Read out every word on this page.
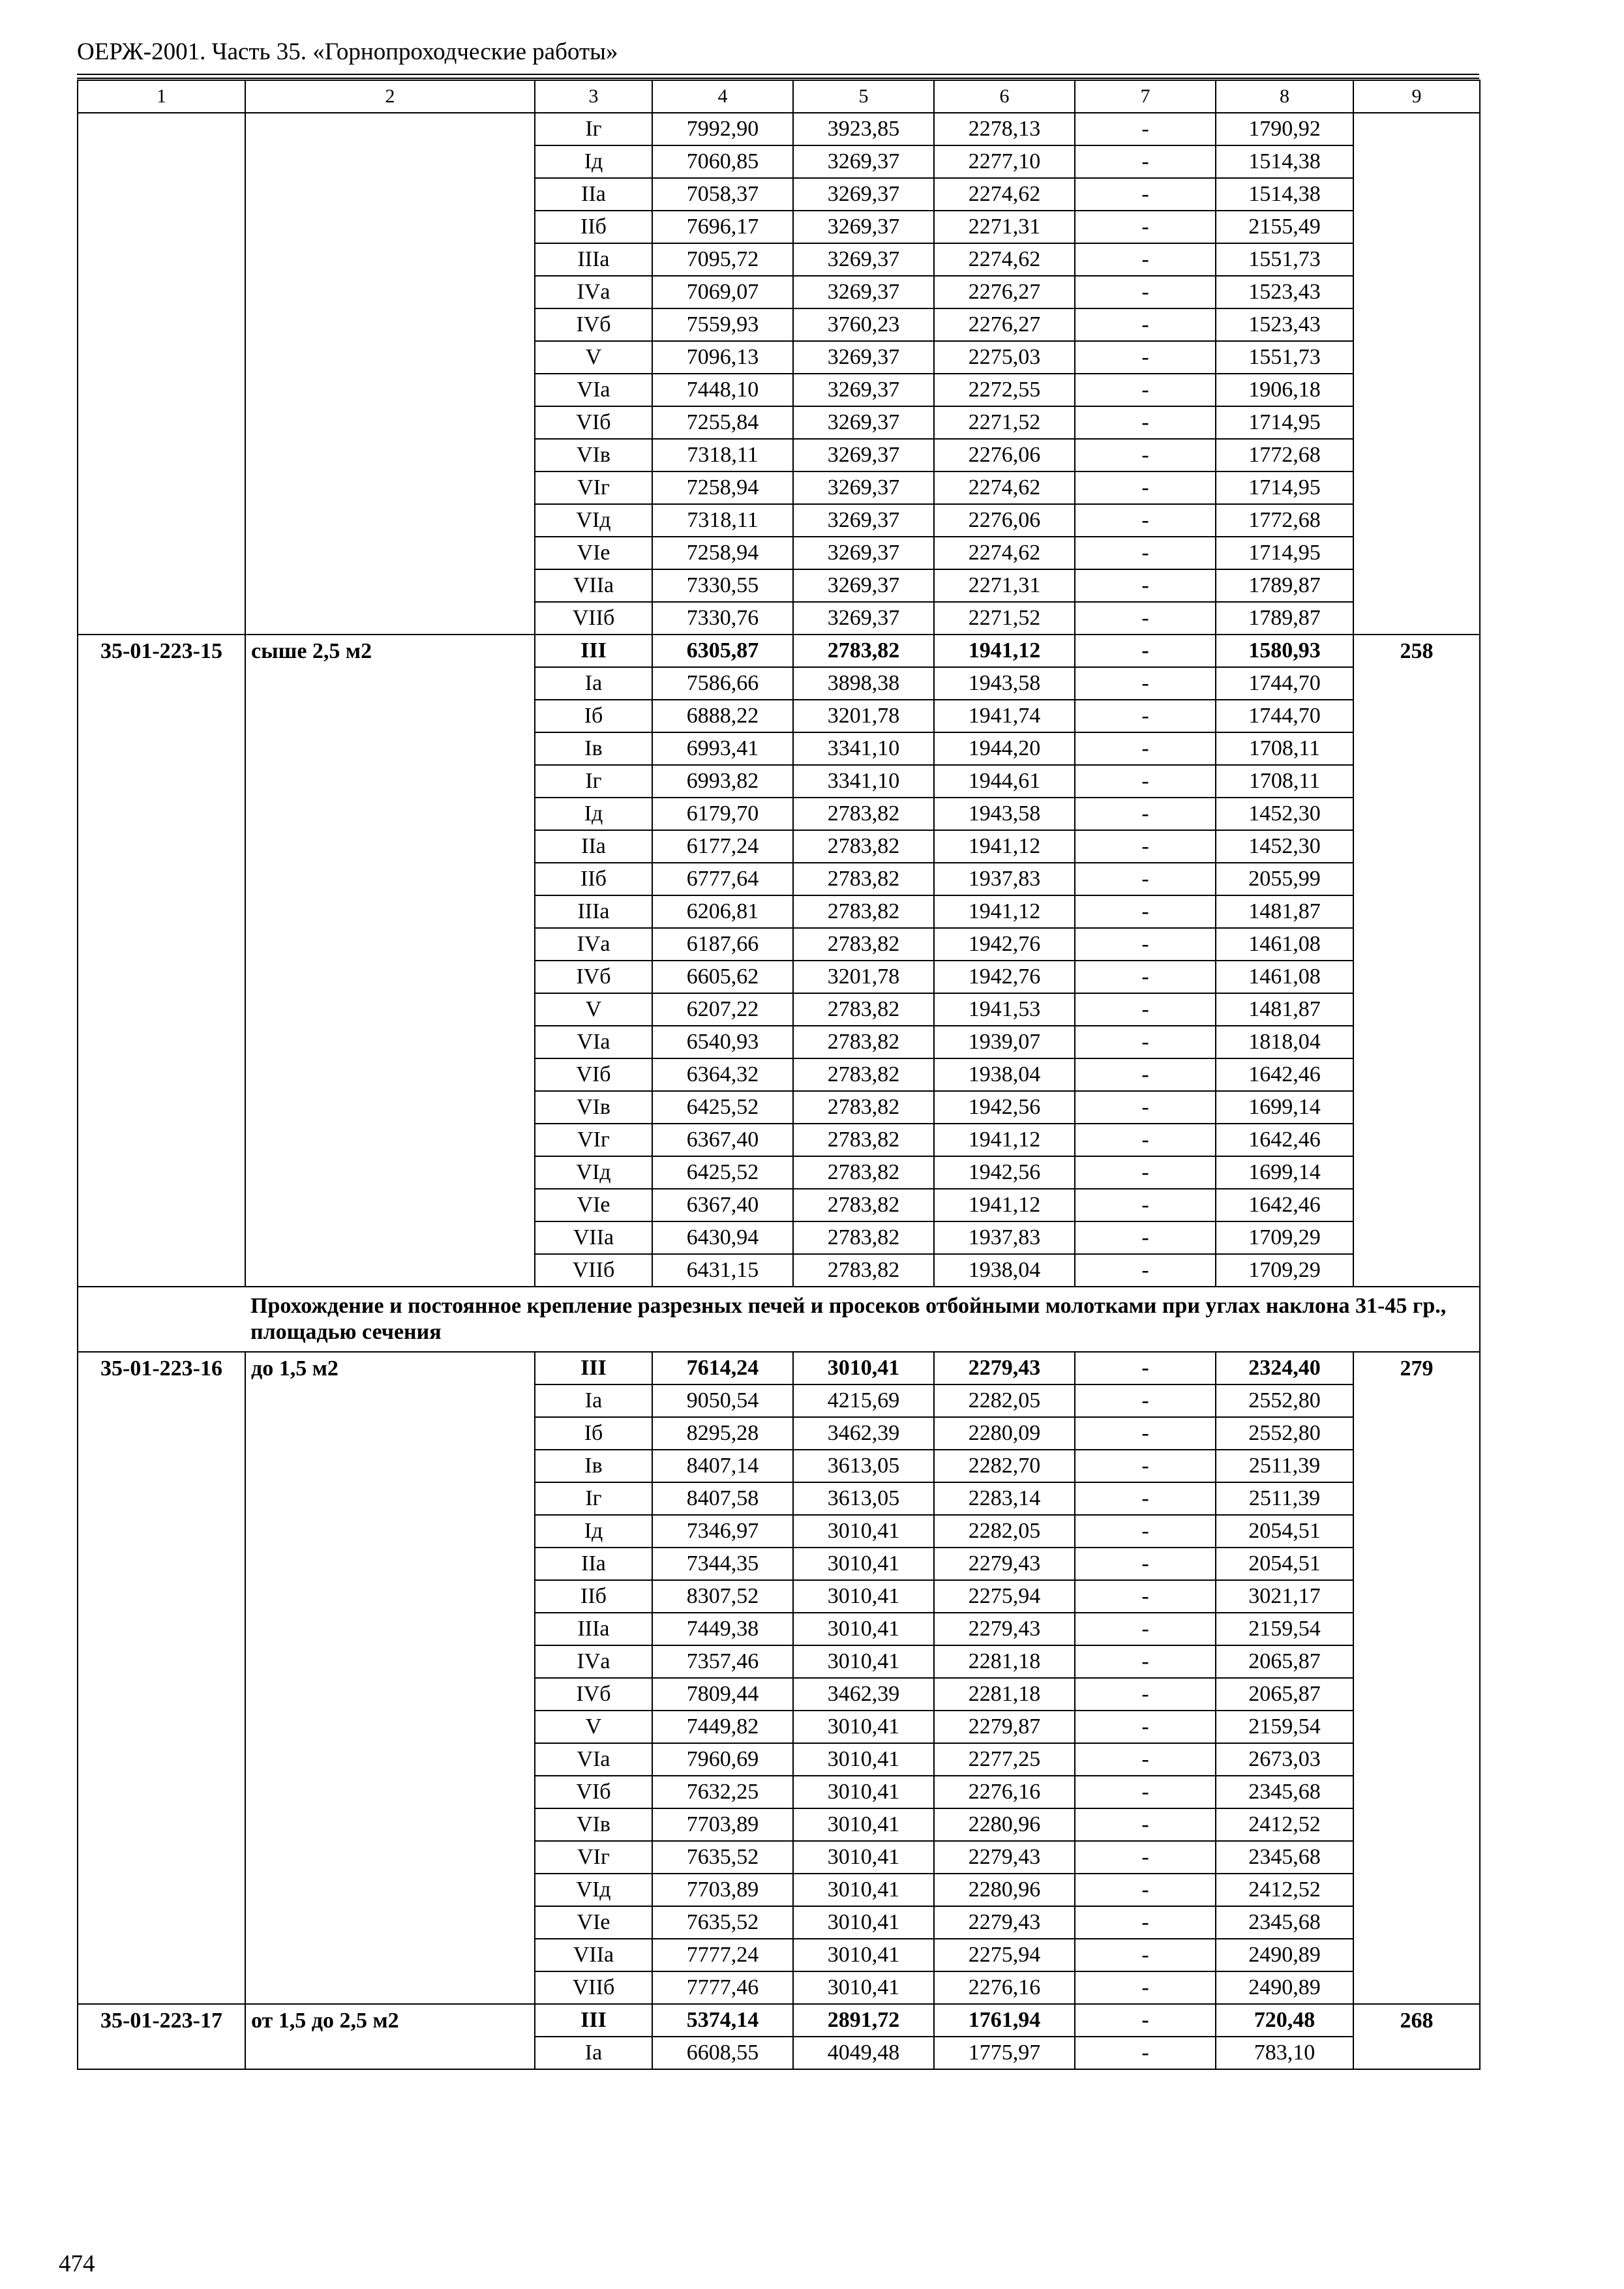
ОЕРЖ-2001. Часть 35. «Горнопроходческие работы»
1	2	3	4	5	6	7	8	9
		Iг	7992,90	3923,85	2278,13	-	1790,92	
		Iд	7060,85	3269,37	2277,10	-	1514,38	
		IIа	7058,37	3269,37	2274,62	-	1514,38	
		IIб	7696,17	3269,37	2271,31	-	2155,49	
		IIIа	7095,72	3269,37	2274,62	-	1551,73	
		IVа	7069,07	3269,37	2276,27	-	1523,43	
		IVб	7559,93	3760,23	2276,27	-	1523,43	
		V	7096,13	3269,37	2275,03	-	1551,73	
		VIа	7448,10	3269,37	2272,55	-	1906,18	
		VIб	7255,84	3269,37	2271,52	-	1714,95	
		VIв	7318,11	3269,37	2276,06	-	1772,68	
		VIг	7258,94	3269,37	2274,62	-	1714,95	
		VIд	7318,11	3269,37	2276,06	-	1772,68	
		VIе	7258,94	3269,37	2274,62	-	1714,95	
		VIIа	7330,55	3269,37	2271,31	-	1789,87	
		VIIб	7330,76	3269,37	2271,52	-	1789,87	
35-01-223-15	сыше 2,5 м2	III	6305,87	2783,82	1941,12	-	1580,93	258
		Iа	7586,66	3898,38	1943,58	-	1744,70	
		Iб	6888,22	3201,78	1941,74	-	1744,70	
		Iв	6993,41	3341,10	1944,20	-	1708,11	
		Iг	6993,82	3341,10	1944,61	-	1708,11	
		Iд	6179,70	2783,82	1943,58	-	1452,30	
		IIа	6177,24	2783,82	1941,12	-	1452,30	
		IIб	6777,64	2783,82	1937,83	-	2055,99	
		IIIа	6206,81	2783,82	1941,12	-	1481,87	
		IVа	6187,66	2783,82	1942,76	-	1461,08	
		IVб	6605,62	3201,78	1942,76	-	1461,08	
		V	6207,22	2783,82	1941,53	-	1481,87	
		VIа	6540,93	2783,82	1939,07	-	1818,04	
		VIб	6364,32	2783,82	1938,04	-	1642,46	
		VIв	6425,52	2783,82	1942,56	-	1699,14	
		VIг	6367,40	2783,82	1941,12	-	1642,46	
		VIд	6425,52	2783,82	1942,56	-	1699,14	
		VIе	6367,40	2783,82	1941,12	-	1642,46	
		VIIа	6430,94	2783,82	1937,83	-	1709,29	
		VIIб	6431,15	2783,82	1938,04	-	1709,29	
	Прохождение и постоянное крепление разрезных печей и просеков отбойными молотками при углах наклона 31-45 гр., площадью сечения							
35-01-223-16	до 1,5 м2	III	7614,24	3010,41	2279,43	-	2324,40	279
		Iа	9050,54	4215,69	2282,05	-	2552,80	
		Iб	8295,28	3462,39	2280,09	-	2552,80	
		Iв	8407,14	3613,05	2282,70	-	2511,39	
		Iг	8407,58	3613,05	2283,14	-	2511,39	
		Iд	7346,97	3010,41	2282,05	-	2054,51	
		IIа	7344,35	3010,41	2279,43	-	2054,51	
		IIб	8307,52	3010,41	2275,94	-	3021,17	
		IIIа	7449,38	3010,41	2279,43	-	2159,54	
		IVа	7357,46	3010,41	2281,18	-	2065,87	
		IVб	7809,44	3462,39	2281,18	-	2065,87	
		V	7449,82	3010,41	2279,87	-	2159,54	
		VIа	7960,69	3010,41	2277,25	-	2673,03	
		VIб	7632,25	3010,41	2276,16	-	2345,68	
		VIв	7703,89	3010,41	2280,96	-	2412,52	
		VIг	7635,52	3010,41	2279,43	-	2345,68	
		VIд	7703,89	3010,41	2280,96	-	2412,52	
		VIе	7635,52	3010,41	2279,43	-	2345,68	
		VIIа	7777,24	3010,41	2275,94	-	2490,89	
		VIIб	7777,46	3010,41	2276,16	-	2490,89	
35-01-223-17	от 1,5 до 2,5 м2	III	5374,14	2891,72	1761,94	-	720,48	268
		Iа	6608,55	4049,48	1775,97	-	783,10	
474
